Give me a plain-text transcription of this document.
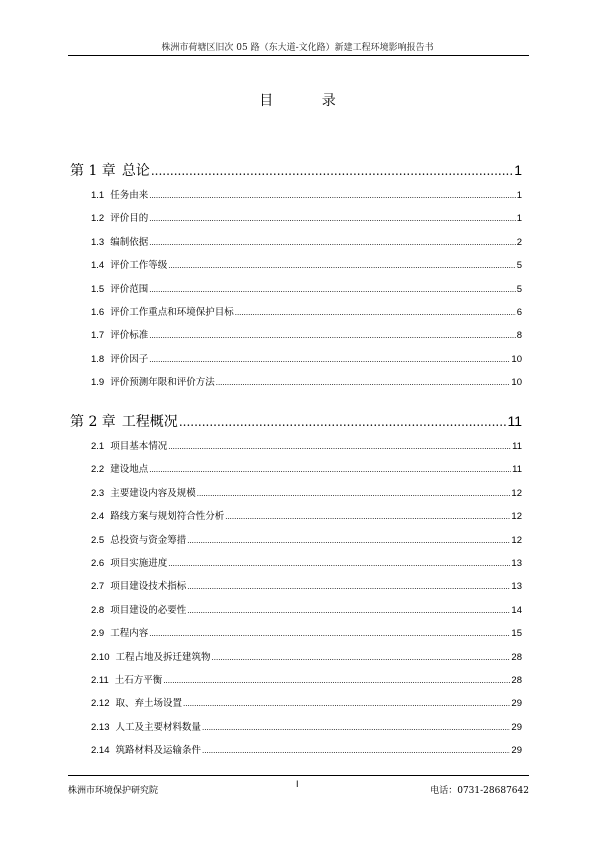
株洲市荷塘区旧次 05 路（东大道-文化路）新建工程环境影响报告书
目 录
第 1 章 总论 .....	1
1.1 任务由来 .....	1
1.2 评价目的 .....	1
1.3 编制依据 .....	2
1.4 评价工作等级 .....	5
1.5 评价范围 .....	5
1.6 评价工作重点和环境保护目标 .....	6
1.7 评价标准 .....	8
1.8 评价因子 .....	10
1.9 评价预测年限和评价方法 .....	10
第 2 章 工程概况 .....	11
2.1 项目基本情况 .....	11
2.2 建设地点 .....	11
2.3 主要建设内容及规模 .....	12
2.4 路线方案与规划符合性分析 .....	12
2.5 总投资与资金筹措 .....	12
2.6 项目实施进度 .....	13
2.7 项目建设技术指标 .....	13
2.8 项目建设的必要性 .....	14
2.9 工程内容 .....	15
2.10 工程占地及拆迁建筑物 .....	28
2.11 土石方平衡 .....	28
2.12 取、弃土场设置 .....	29
2.13 人工及主要材料数量 .....	29
2.14 筑路材料及运输条件 .....	29
株洲市环境保护研究院
I
电话：0731-28687642
